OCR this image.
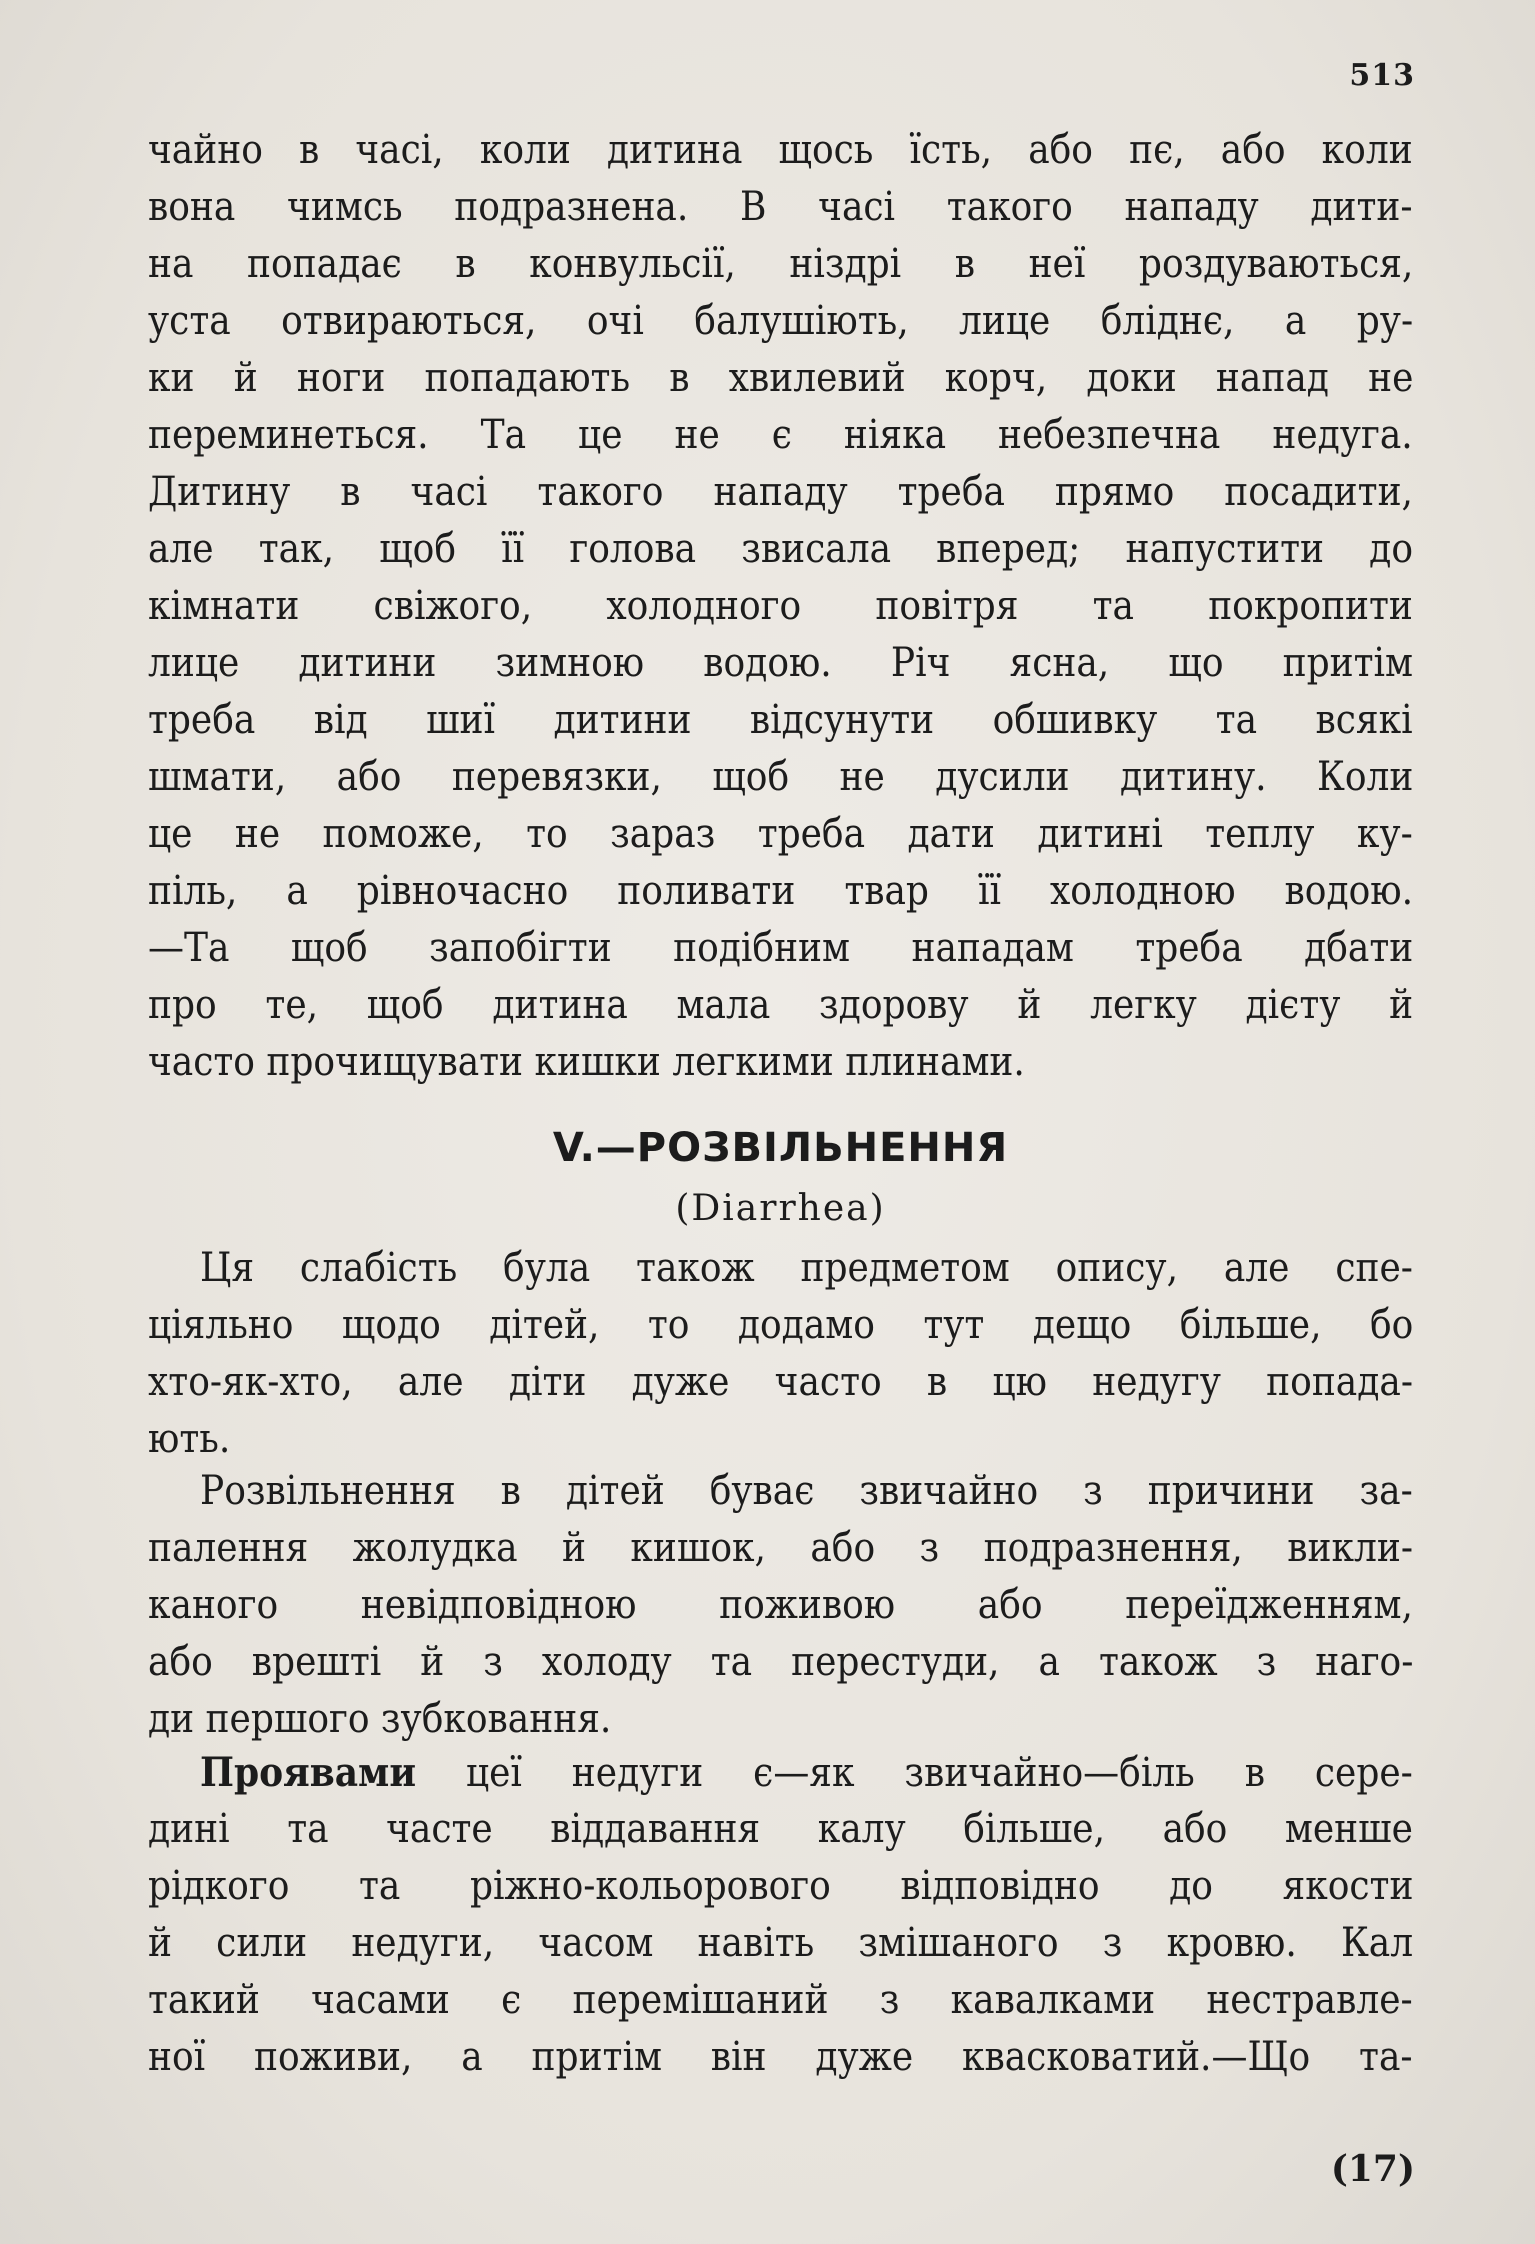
513
чайно в часі, коли дитина щось їсть, або пє, або коли
вона чимсь подразнена. В часі такого нападу дити-
на попадає в конвульсії, ніздрі в неї роздуваються,
уста отвираються, очі балушіють, лице бліднє, а ру-
ки й ноги попадають в хвилевий корч, доки напад не
переминеться. Та це не є ніяка небезпечна недуга.
Дитину в часі такого нападу треба прямо посадити,
але так, щоб її голова звисала вперед; напустити до
кімнати свіжого, холодного повітря та покропити
лице дитини зимною водою. Річ ясна, що притім
треба від шиї дитини відсунути обшивку та всякі
шмати, або перевязки, щоб не дусили дитину. Коли
це не поможе, то зараз треба дати дитині теплу ку-
піль, а рівночасно поливати твар її холодною водою.
—Та щоб запобігти подібним нападам треба дбати
про те, щоб дитина мала здорову й легку дієту й
часто прочищувати кишки легкими плинами.
V.—РОЗВІЛЬНЕННЯ
(Diarrhea)
Ця слабість була також предметом опису, але спе-
ціяльно щодо дітей, то додамо тут дещо більше, бо
хто-як-хто, але діти дуже часто в цю недугу попада-
ють.
Розвільнення в дітей буває звичайно з причини за-
палення жолудка й кишок, або з подразнення, викли-
каного невідповідною поживою або переїдженням,
або врешті й з холоду та перестуди, а також з наго-
ди першого зубковання.
Проявами цеї недуги є—як звичайно—біль в сере-
дині та часте віддавання калу більше, або менше
рідкого та ріжно-кольорового відповідно до якости
й сили недуги, часом навіть змішаного з кровю. Кал
такий часами є перемішаний з кавалками нестравле-
ної поживи, а притім він дуже квасковатий.—Що та-
(17)
